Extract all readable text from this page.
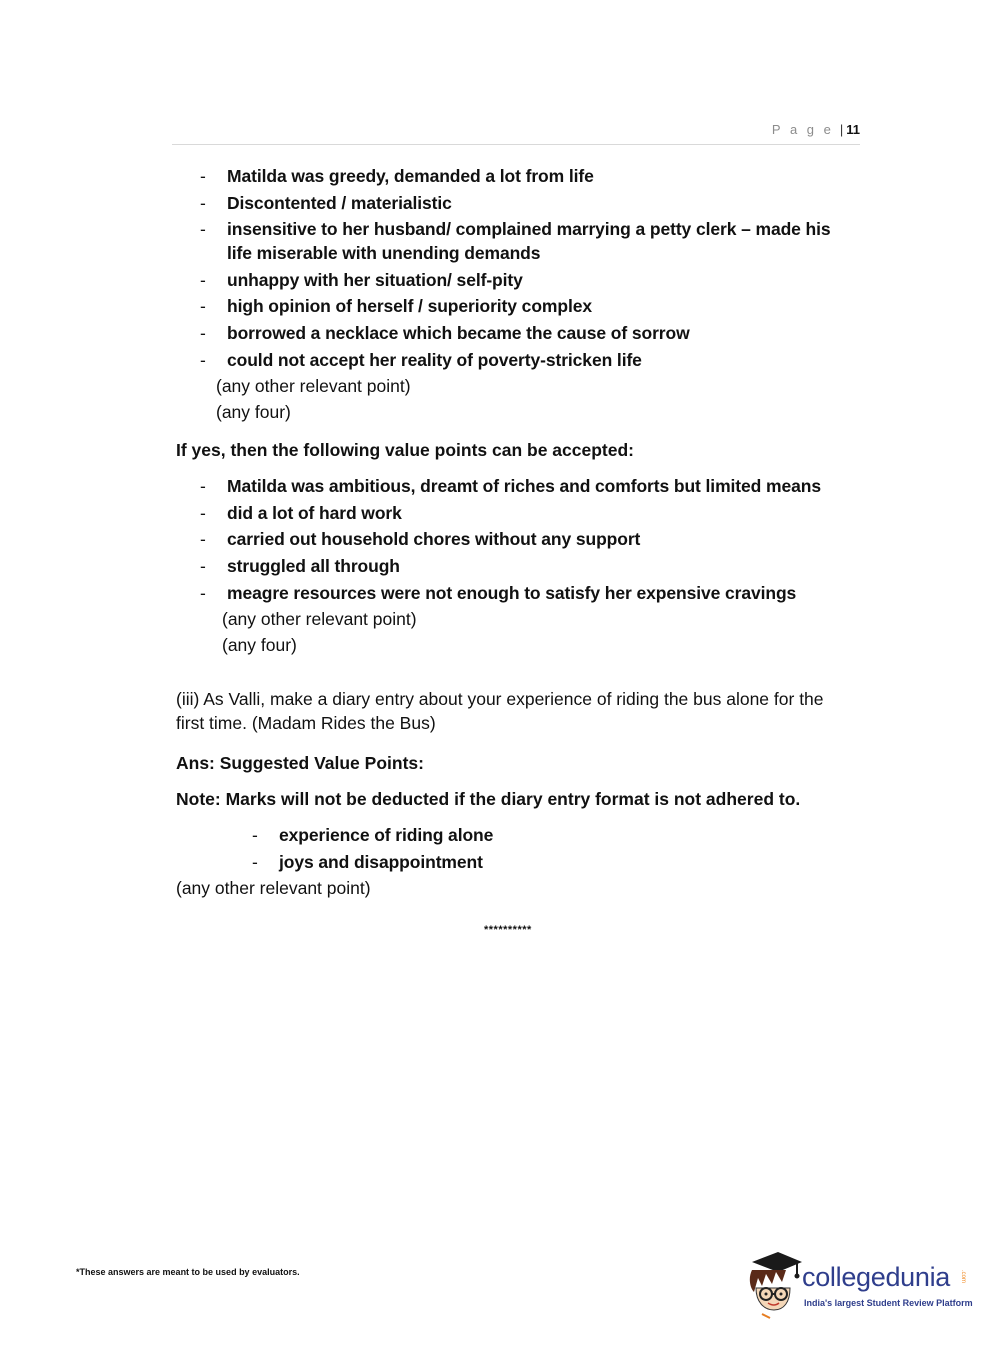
P a g e | 11
- Matilda was greedy, demanded a lot from life
- Discontented / materialistic
- insensitive to her husband/ complained marrying a petty clerk – made his life miserable with unending demands
- unhappy with her situation/ self-pity
- high opinion of herself / superiority complex
- borrowed a necklace which became the cause of sorrow
- could not accept her reality of poverty-stricken life
(any other relevant point)
(any four)
If yes, then the following value points can be accepted:
- Matilda was ambitious, dreamt of riches and comforts but limited means
- did a lot of hard work
- carried out household chores without any support
- struggled all through
- meagre resources were not enough to satisfy her expensive cravings
(any other relevant point)
(any four)
(iii) As Valli, make a diary entry about your experience of riding the bus alone for the first time. (Madam Rides the Bus)
Ans: Suggested Value Points:
Note: Marks will not be deducted if the diary entry format is not adhered to.
- experience of riding alone
- joys and disappointment
(any other relevant point)
**********
*These answers are meant to be used by evaluators.	collegedunia .com
India's largest Student Review Platform
